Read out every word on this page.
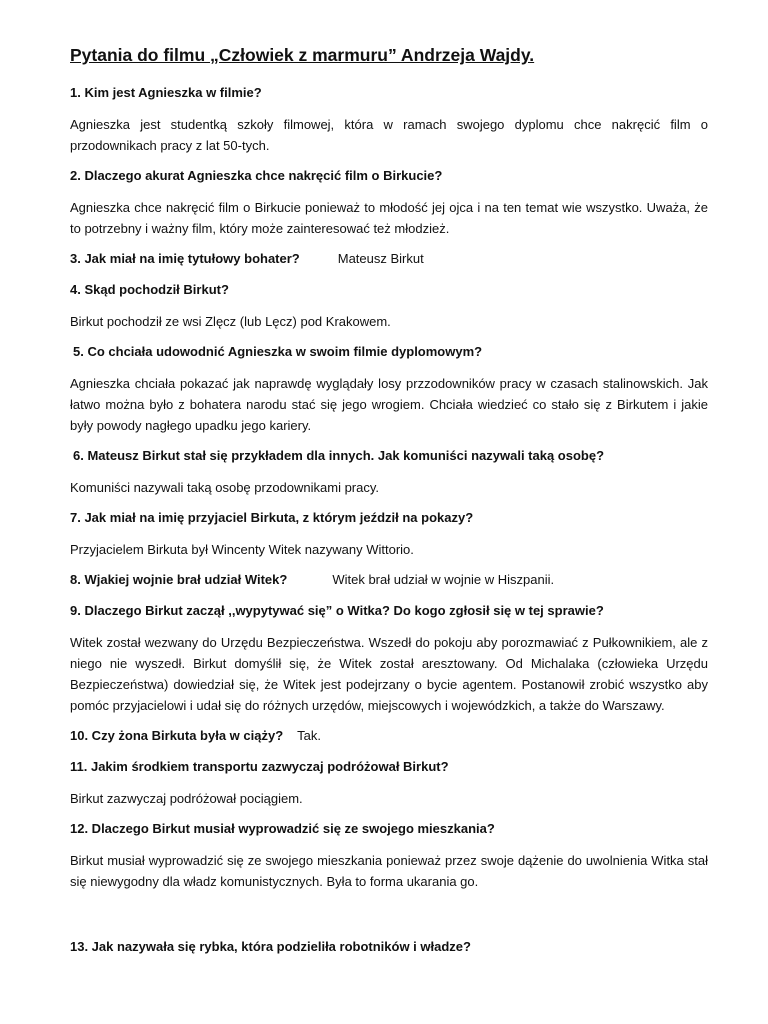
Pytania do filmu „Człowiek z marmuru” Andrzeja Wajdy.
1. Kim jest Agnieszka w filmie?
Agnieszka jest studentką szkoły filmowej, która w ramach swojego dyplomu chce nakręcić film o przodownikach pracy z lat 50-tych.
2. Dlaczego akurat Agnieszka chce nakręcić film o Birkucie?
Agnieszka chce nakręcić film o Birkucie ponieważ to młodość jej ojca i na ten temat wie wszystko. Uważa, że to potrzebny i ważny film, który może zainteresować też młodzież.
3. Jak miał na imię tytułowy bohater?	Mateusz Birkut
4. Skąd pochodził Birkut?
Birkut pochodził ze wsi Zlęcz (lub Lęcz) pod Krakowem.
5. Co chciała udowodnić Agnieszka w swoim filmie dyplomowym?
Agnieszka chciała pokazać jak naprawdę wyglądały losy przzodowników pracy w czasach stalinowskich. Jak łatwo można było z bohatera narodu stać się jego wrogiem. Chciała wiedzieć co stało się z Birkutem i jakie były powody nagłego upadku jego kariery.
6. Mateusz Birkut stał się przykładem dla innych. Jak komuniści nazywali taką osobę?
Komuniści nazywali taką osobę przodownikami pracy.
7. Jak miał na imię przyjaciel Birkuta, z którym jeździł na pokazy?
Przyjacielem Birkuta był Wincenty Witek nazywany Wittorio.
8. Wjakiej wojnie brał udział Witek?	Witek brał udział w wojnie w Hiszpanii.
9. Dlaczego Birkut zaczął ,,wypytywać się” o Witka? Do kogo zgłosił się w tej sprawie?
Witek został wezwany do Urzędu Bezpieczeństwa. Wszedł do pokoju aby porozmawiać z Pułkownikiem, ale z niego nie wyszedł. Birkut domyślił się, że Witek został aresztowany. Od Michalaka (człowieka Urzędu Bezpieczeństwa) dowiedział się, że Witek jest podejrzany o bycie agentem. Postanowił zrobić wszystko aby pomóc przyjacielowi i udał się do różnych urzędów, miejscowych i wojewódzkich, a także do Warszawy.
10. Czy żona Birkuta była w ciąży? Tak.
11. Jakim środkiem transportu zazwyczaj podróżował Birkut?
Birkut zazwyczaj podróżował pociągiem.
12. Dlaczego Birkut musiał wyprowadzić się ze swojego mieszkania?
Birkut musiał wyprowadzić się ze swojego mieszkania ponieważ przez swoje dążenie do uwolnienia Witka stał się niewygodny dla władz komunistycznych. Była to forma ukarania go.
13. Jak nazywała się rybka, która podzieliła robotników i władze?
